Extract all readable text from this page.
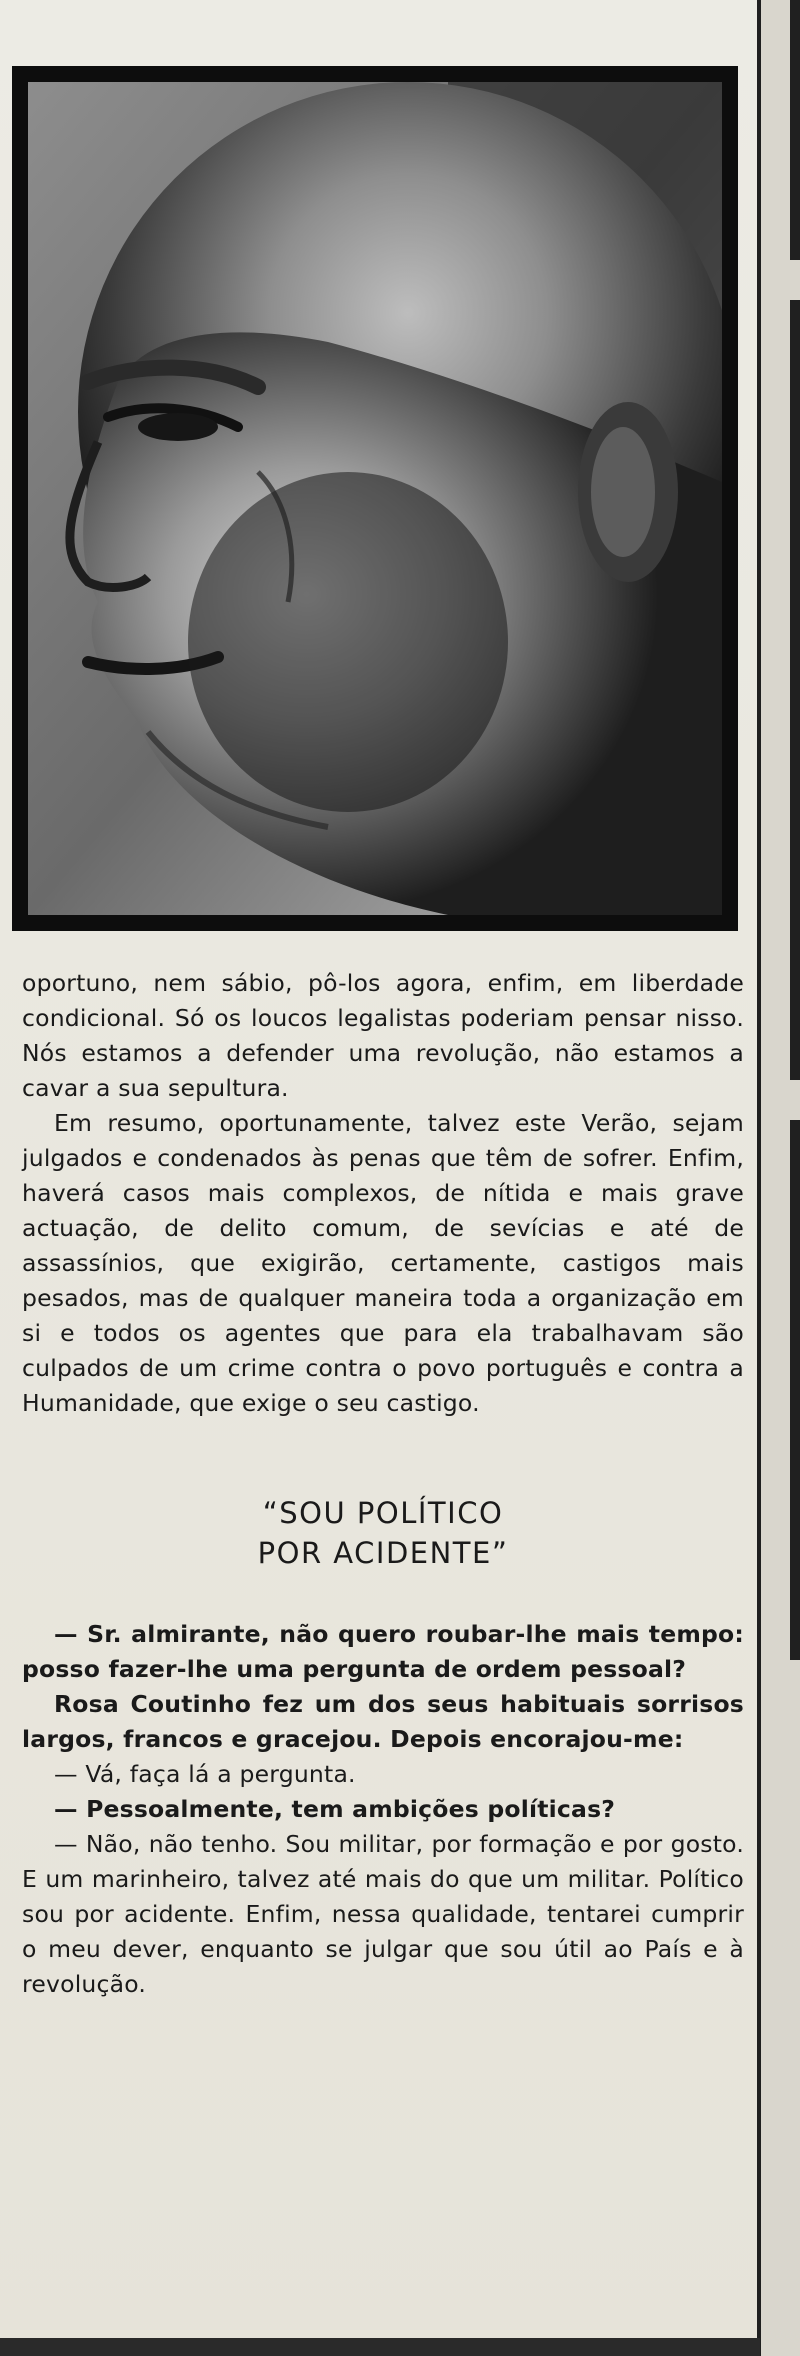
oportuno, nem sábio, pô-los agora, enfim, em liberdade condicional. Só os loucos legalistas poderiam pensar nisso. Nós estamos a defender uma revolução, não estamos a cavar a sua sepultura.

Em resumo, oportunamente, talvez este Verão, sejam julgados e condenados às penas que têm de sofrer. Enfim, haverá casos mais complexos, de nítida e mais grave actuação, de delito comum, de sevícias e até de assassínios, que exigirão, certamente, castigos mais pesados, mas de qualquer maneira toda a organização em si e todos os agentes que para ela trabalhavam são culpados de um crime contra o povo português e contra a Humanidade, que exige o seu castigo.

“SOU POLÍTICO
POR ACIDENTE”

— Sr. almirante, não quero roubar-lhe mais tempo: posso fazer-lhe uma pergunta de ordem pessoal?

Rosa Coutinho fez um dos seus habituais sorrisos largos, francos e gracejou. Depois encorajou-me:

— Vá, faça lá a pergunta.

— Pessoalmente, tem ambições políticas?

— Não, não tenho. Sou militar, por formação e por gosto. E um marinheiro, talvez até mais do que um militar. Político sou por acidente. Enfim, nessa qualidade, tentarei cumprir o meu dever, enquanto se julgar que sou útil ao País e à revolução.
